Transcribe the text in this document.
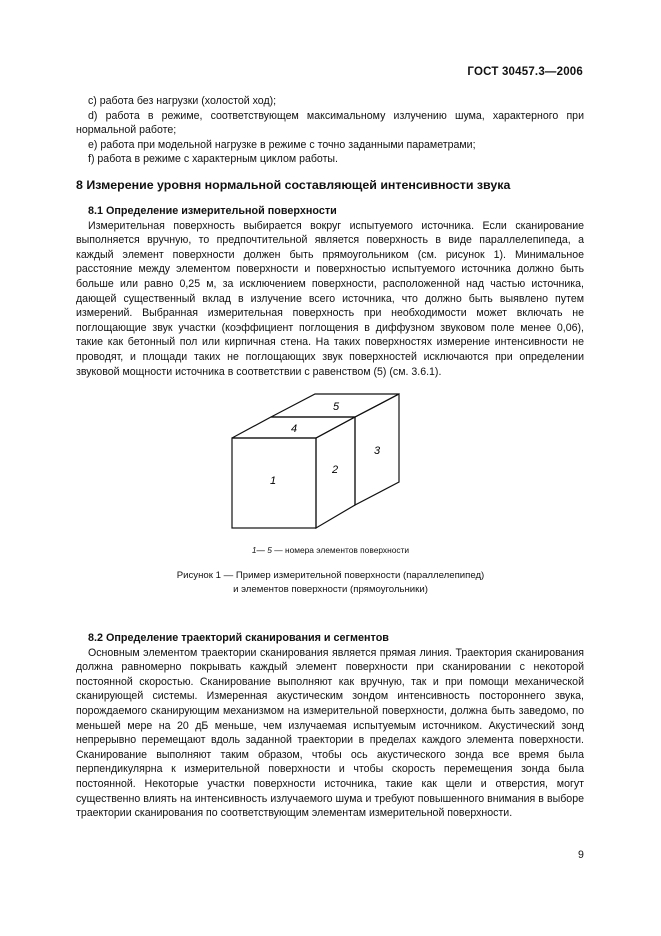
ГОСТ 30457.3—2006

c) работа без нагрузки (холостой ход);

d) работа в режиме, соответствующем максимальному излучению шума, характерного при нормальной работе;

e) работа при модельной нагрузке в режиме с точно заданными параметрами;

f) работа в режиме с характерным циклом работы.

8 Измерение уровня нормальной составляющей интенсивности звука

8.1 Определение измерительной поверхности

Измерительная поверхность выбирается вокруг испытуемого источника. Если сканирование выполняется вручную, то предпочтительной является поверхность в виде параллелепипеда, а каждый элемент поверхности должен быть прямоугольником (см. рисунок 1). Минимальное расстояние между элементом поверхности и поверхностью испытуемого источника должно быть больше или равно 0,25 м, за исключением поверхности, расположенной над частью источника, дающей существенный вклад в излучение всего источника, что должно быть выявлено путем измерений. Выбранная измерительная поверхность при необходимости может включать не поглощающие звук участки (коэффициент поглощения в диффузном звуковом поле менее 0,06), такие как бетонный пол или кирпичная стена. На таких поверхностях измерение интенсивности не проводят, и площади таких не поглощающих звук поверхностей исключаются при определении звуковой мощности источника в соответствии с равенством (5) (см. 3.6.1).

1
2
3
4
5
1— 5 — номера элементов поверхности
Рисунок 1 — Пример измерительной поверхности (параллелепипед)
и элементов поверхности (прямоугольники)

8.2 Определение траекторий сканирования и сегментов

Основным элементом траектории сканирования является прямая линия. Траектория сканирования должна равномерно покрывать каждый элемент поверхности при сканировании с некоторой постоянной скоростью. Сканирование выполняют как вручную, так и при помощи механической сканирующей системы. Измеренная акустическим зондом интенсивность постороннего звука, порождаемого сканирующим механизмом на измерительной поверхности, должна быть заведомо, по меньшей мере на 20 дБ меньше, чем излучаемая испытуемым источником. Акустический зонд непрерывно перемещают вдоль заданной траектории в пределах каждого элемента поверхности. Сканирование выполняют таким образом, чтобы ось акустического зонда все время была перпендикулярна к измерительной поверхности и чтобы скорость перемещения зонда была постоянной. Некоторые участки поверхности источника, такие как щели и отверстия, могут существенно влиять на интенсивность излучаемого шума и требуют повышенного внимания в выборе траектории сканирования по соответствующим элементам измерительной поверхности.

9
